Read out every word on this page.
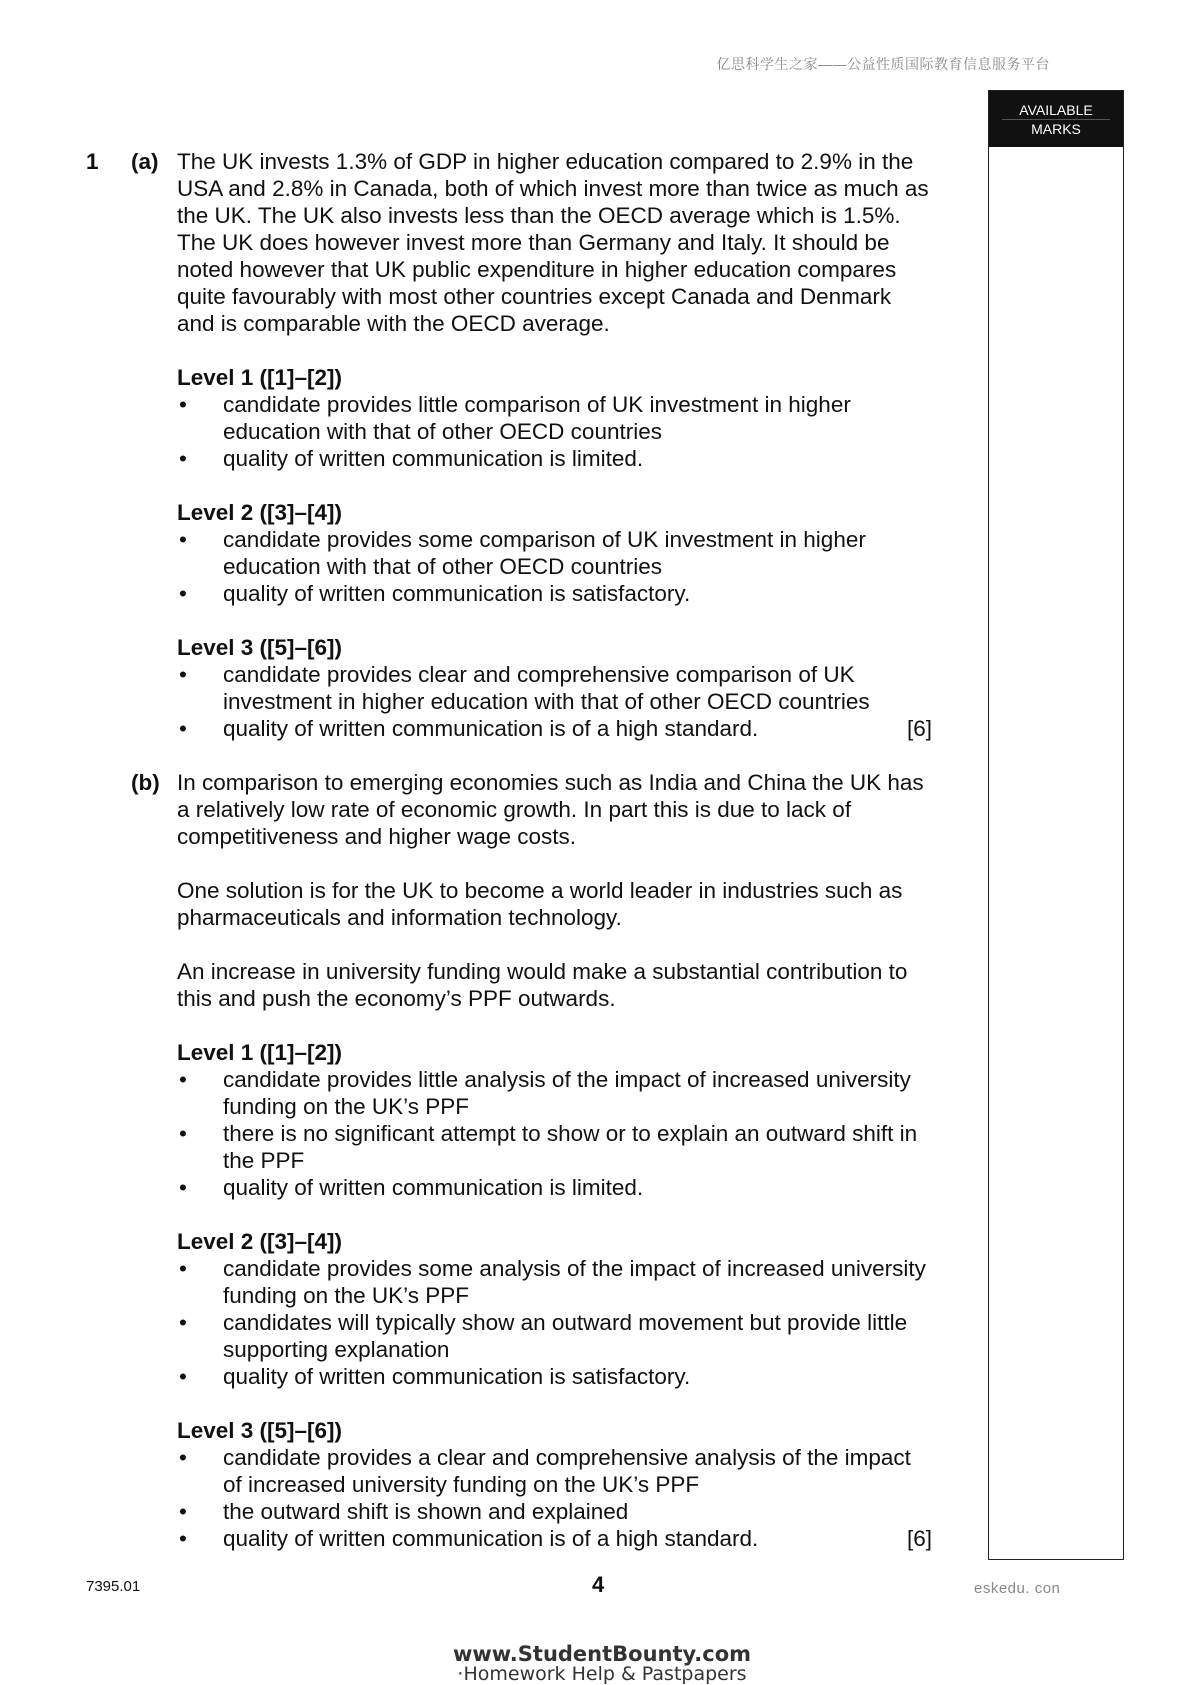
亿思科学生之家——公益性质国际教育信息服务平台
AVAILABLE
MARKS
1 (a) The UK invests 1.3% of GDP in higher education compared to 2.9% in the USA and 2.8% in Canada, both of which invest more than twice as much as the UK. The UK also invests less than the OECD average which is 1.5%. The UK does however invest more than Germany and Italy. It should be noted however that UK public expenditure in higher education compares quite favourably with most other countries except Canada and Denmark and is comparable with the OECD average.

Level 1 ([1]–[2])

• candidate provides little comparison of UK investment in higher education with that of other OECD countries
• quality of written communication is limited.

Level 2 ([3]–[4])

• candidate provides some comparison of UK investment in higher education with that of other OECD countries
• quality of written communication is satisfactory.

Level 3 ([5]–[6])

• candidate provides clear and comprehensive comparison of UK investment in higher education with that of other OECD countries
• quality of written communication is of a high standard.	[6]
(b) In comparison to emerging economies such as India and China the UK has a relatively low rate of economic growth. In part this is due to lack of competitiveness and higher wage costs.

One solution is for the UK to become a world leader in industries such as pharmaceuticals and information technology.

An increase in university funding would make a substantial contribution to this and push the economy’s PPF outwards.

Level 1 ([1]–[2])

• candidate provides little analysis of the impact of increased university funding on the UK’s PPF
• there is no significant attempt to show or to explain an outward shift in the PPF
• quality of written communication is limited.

Level 2 ([3]–[4])

• candidate provides some analysis of the impact of increased university funding on the UK’s PPF
• candidates will typically show an outward movement but provide little supporting explanation
• quality of written communication is satisfactory.

Level 3 ([5]–[6])

• candidate provides a clear and comprehensive analysis of the impact of increased university funding on the UK’s PPF
• the outward shift is shown and explained
• quality of written communication is of a high standard.	[6]
7395.01	4	eskedu. con
www.StudentBounty.com
·Homework Help & Pastpapers
